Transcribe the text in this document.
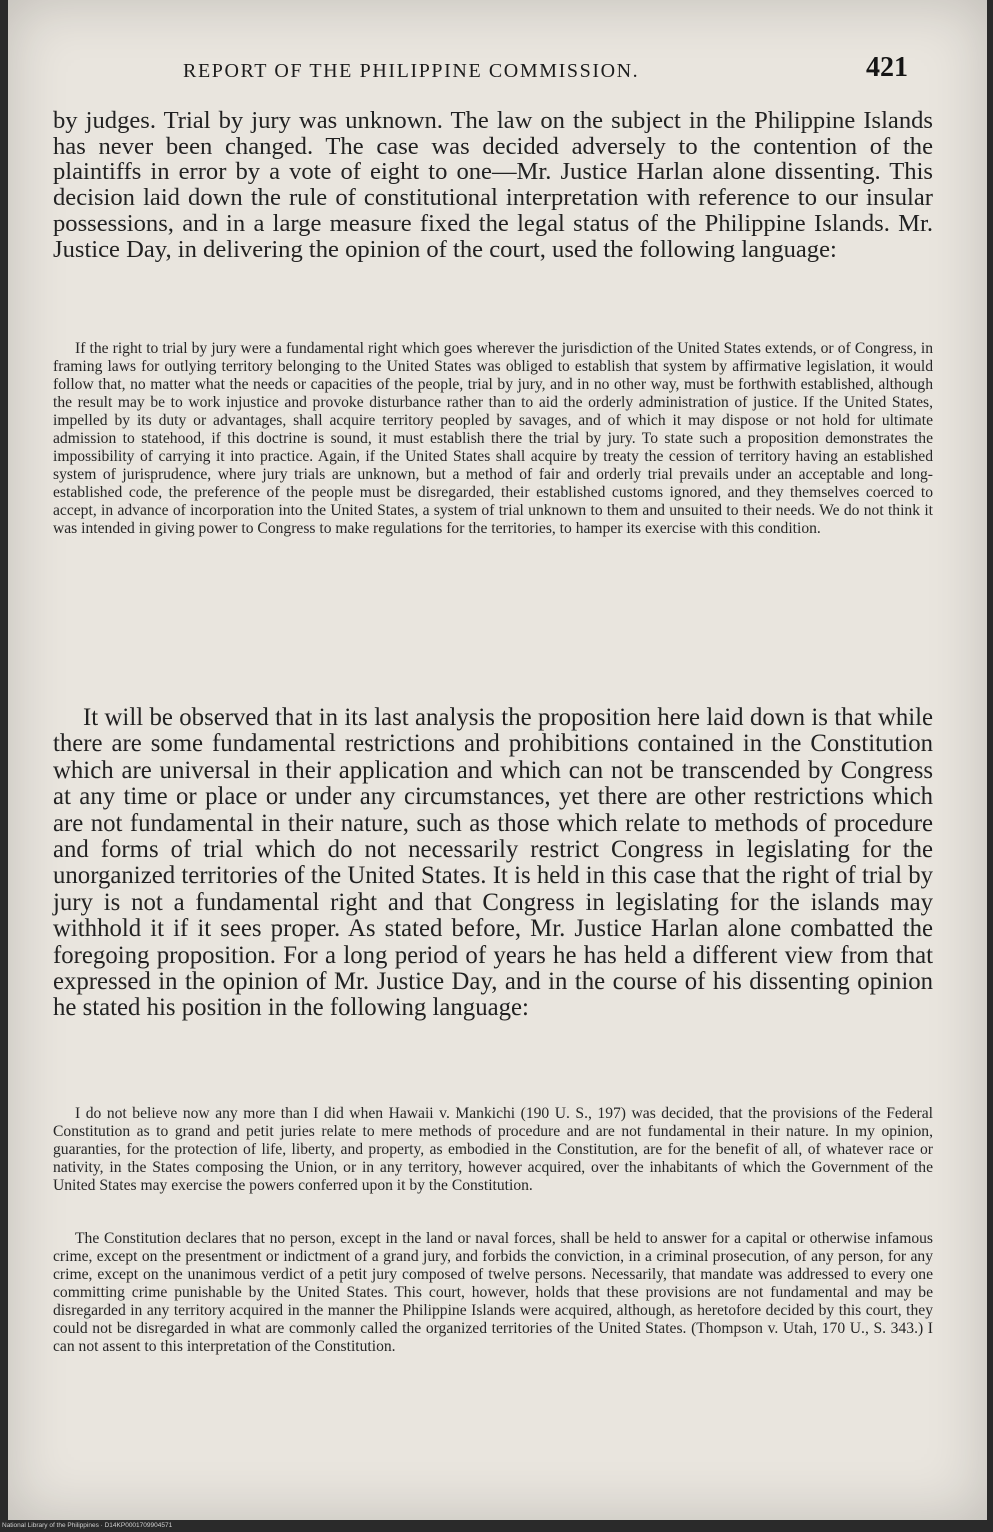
REPORT OF THE PHILIPPINE COMMISSION.	421

by judges. Trial by jury was unknown. The law on the subject in the Philippine Islands has never been changed. The case was decided adversely to the contention of the plaintiffs in error by a vote of eight to one—Mr. Justice Harlan alone dissenting. This decision laid down the rule of constitutional interpretation with reference to our insular possessions, and in a large measure fixed the legal status of the Philippine Islands. Mr. Justice Day, in delivering the opinion of the court, used the following language:

If the right to trial by jury were a fundamental right which goes wherever the jurisdiction of the United States extends, or of Congress, in framing laws for outlying territory belonging to the United States was obliged to establish that system by affirmative legislation, it would follow that, no matter what the needs or capacities of the people, trial by jury, and in no other way, must be forthwith established, although the result may be to work injustice and provoke disturbance rather than to aid the orderly administration of justice. If the United States, impelled by its duty or advantages, shall acquire territory peopled by savages, and of which it may dispose or not hold for ultimate admission to statehood, if this doctrine is sound, it must establish there the trial by jury. To state such a proposition demonstrates the impossibility of carrying it into practice. Again, if the United States shall acquire by treaty the cession of territory having an established system of jurisprudence, where jury trials are unknown, but a method of fair and orderly trial prevails under an acceptable and long-established code, the preference of the people must be disregarded, their established customs ignored, and they themselves coerced to accept, in advance of incorporation into the United States, a system of trial unknown to them and unsuited to their needs. We do not think it was intended in giving power to Congress to make regulations for the territories, to hamper its exercise with this condition.

It will be observed that in its last analysis the proposition here laid down is that while there are some fundamental restrictions and prohibitions contained in the Constitution which are universal in their application and which can not be transcended by Congress at any time or place or under any circumstances, yet there are other restrictions which are not fundamental in their nature, such as those which relate to methods of procedure and forms of trial which do not necessarily restrict Congress in legislating for the unorganized territories of the United States. It is held in this case that the right of trial by jury is not a fundamental right and that Congress in legislating for the islands may withhold it if it sees proper. As stated before, Mr. Justice Harlan alone combatted the foregoing proposition. For a long period of years he has held a different view from that expressed in the opinion of Mr. Justice Day, and in the course of his dissenting opinion he stated his position in the following language:

I do not believe now any more than I did when Hawaii v. Mankichi (190 U. S., 197) was decided, that the provisions of the Federal Constitution as to grand and petit juries relate to mere methods of procedure and are not fundamental in their nature. In my opinion, guaranties, for the protection of life, liberty, and property, as embodied in the Constitution, are for the benefit of all, of whatever race or nativity, in the States composing the Union, or in any territory, however acquired, over the inhabitants of which the Government of the United States may exercise the powers conferred upon it by the Constitution.

The Constitution declares that no person, except in the land or naval forces, shall be held to answer for a capital or otherwise infamous crime, except on the presentment or indictment of a grand jury, and forbids the conviction, in a criminal prosecution, of any person, for any crime, except on the unanimous verdict of a petit jury composed of twelve persons. Necessarily, that mandate was addressed to every one committing crime punishable by the United States. This court, however, holds that these provisions are not fundamental and may be disregarded in any territory acquired in the manner the Philippine Islands were acquired, although, as heretofore decided by this court, they could not be disregarded in what are commonly called the organized territories of the United States. (Thompson v. Utah, 170 U., S. 343.) I can not assent to this interpretation of the Constitution.

National Library of the Philippines · D14KP0001709904571
